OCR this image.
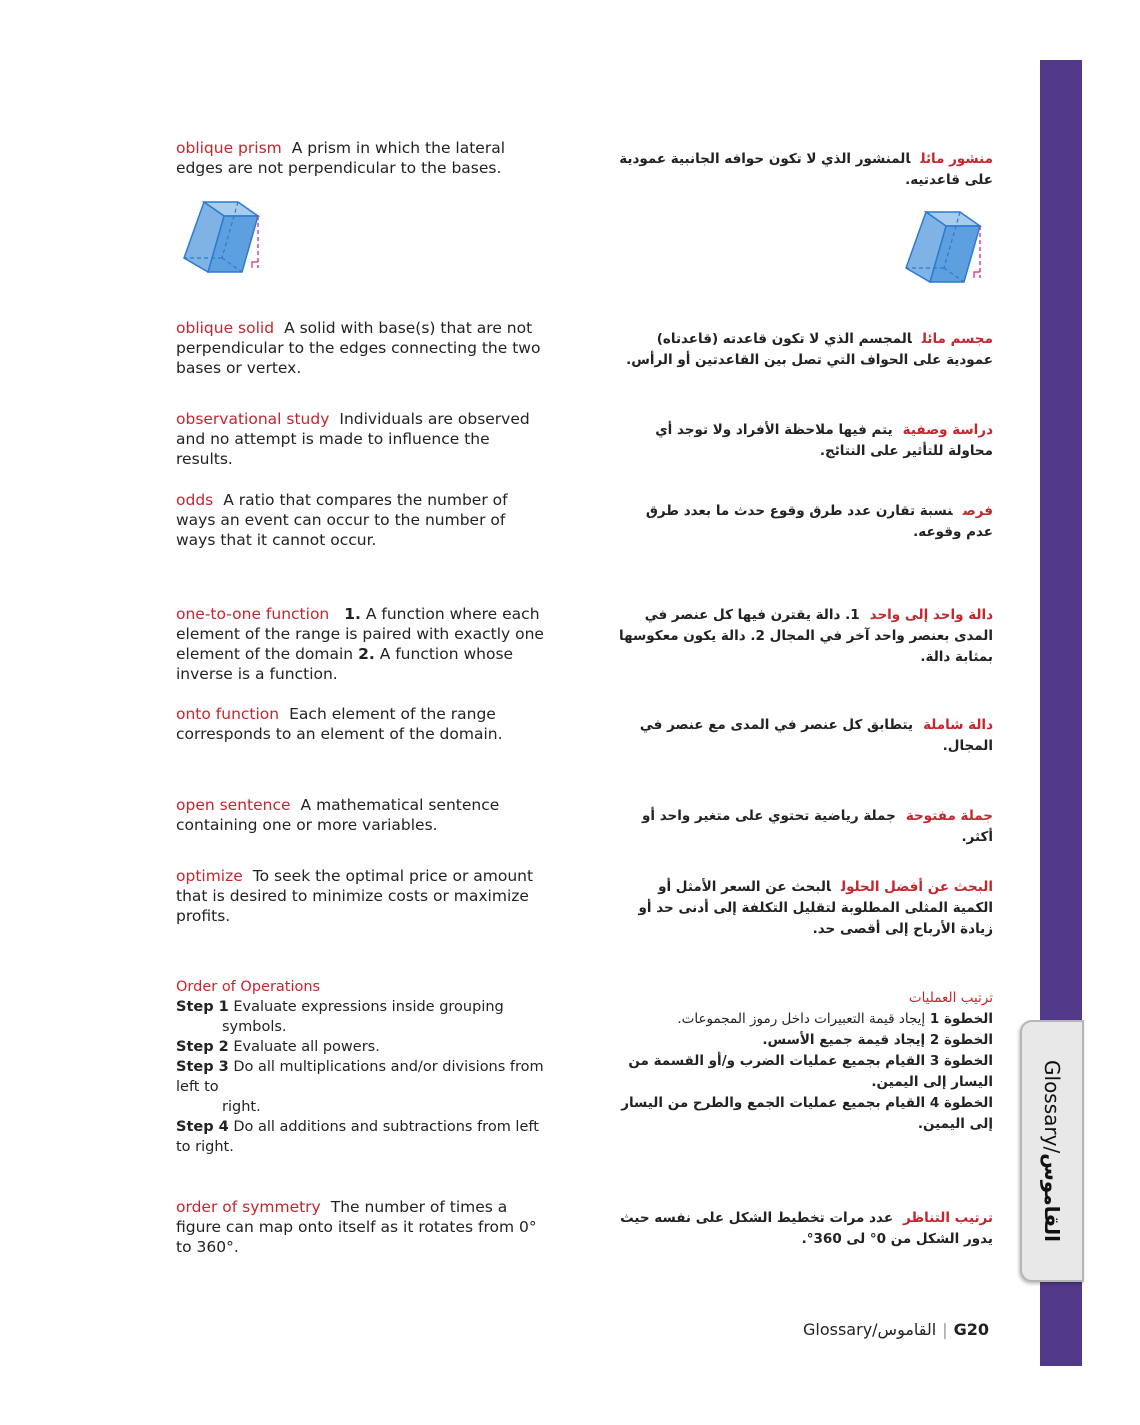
Glossary/القاموس
oblique prism A prism in which the lateral edges are not perpendicular to the bases.	منشور مائلالمنشور الذي لا تكون حوافه الجانبية عمودية على قاعدتيه.
oblique solid A solid with base(s) that are not perpendicular to the edges connecting the two bases or vertex.
مجسم مائلالمجسم الذي لا تكون قاعدته (قاعدتاه) عمودية على الحواف التي تصل بين القاعدتين أو الرأس.
observational study Individuals are observed and no attempt is made to influence the results.
دراسة وصفيةيتم فيها ملاحظة الأفراد ولا توجد أي محاولة للتأثير على النتائج.
odds A ratio that compares the number of ways an event can occur to the number of ways that it cannot occur.
فرصنسبة تقارن عدد طرق وقوع حدث ما بعدد طرق عدم وقوعه.
one-to-one function 1. A function where each element of the range is paired with exactly one element of the domain 2. A function whose inverse is a function.
دالة واحد إلى واحد1. دالة يقترن فيها كل عنصر في المدى بعنصر واحد آخر في المجال 2. دالة يكون معكوسها بمثابة دالة.
onto function Each element of the range corresponds to an element of the domain.	دالة شاملةيتطابق كل عنصر في المدى مع عنصر في المجال.
open sentence A mathematical sentence containing one or more variables.	جملة مفتوحةجملة رياضية تحتوي على متغير واحد أو أكثر.
optimize To seek the optimal price or amount that is desired to minimize costs or maximize profits.
البحث عن أفضل الحلولالبحث عن السعر الأمثل أو الكمية المثلى المطلوبة لتقليل التكلفة إلى أدنى حد أو زيادة الأرباح إلى أقصى حد.
Order of Operations
Step 1 Evaluate expressions inside grouping
symbols.
Step 2 Evaluate all powers.
Step 3 Do all multiplications and/or divisions from left to
right.
Step 4 Do all additions and subtractions from left to right.
ترتيب العمليات
الخطوة 1 إيجاد قيمة التعبيرات داخل رموز المجموعات.
الخطوة 2 إيجاد قيمة جميع الأسس.
الخطوة 3 القيام بجميع عمليات الضرب و/أو القسمة من اليسار إلى اليمين.
الخطوة 4 القيام بجميع عمليات الجمع والطرح من اليسار إلى اليمين.
order of symmetry The number of times a figure can map onto itself as it rotates from 0° to 360°.
ترتيب التناظرعدد مرات تخطيط الشكل على نفسه حيث يدور الشكل من 0° لى 360°.
Glossary/القاموس | G20
